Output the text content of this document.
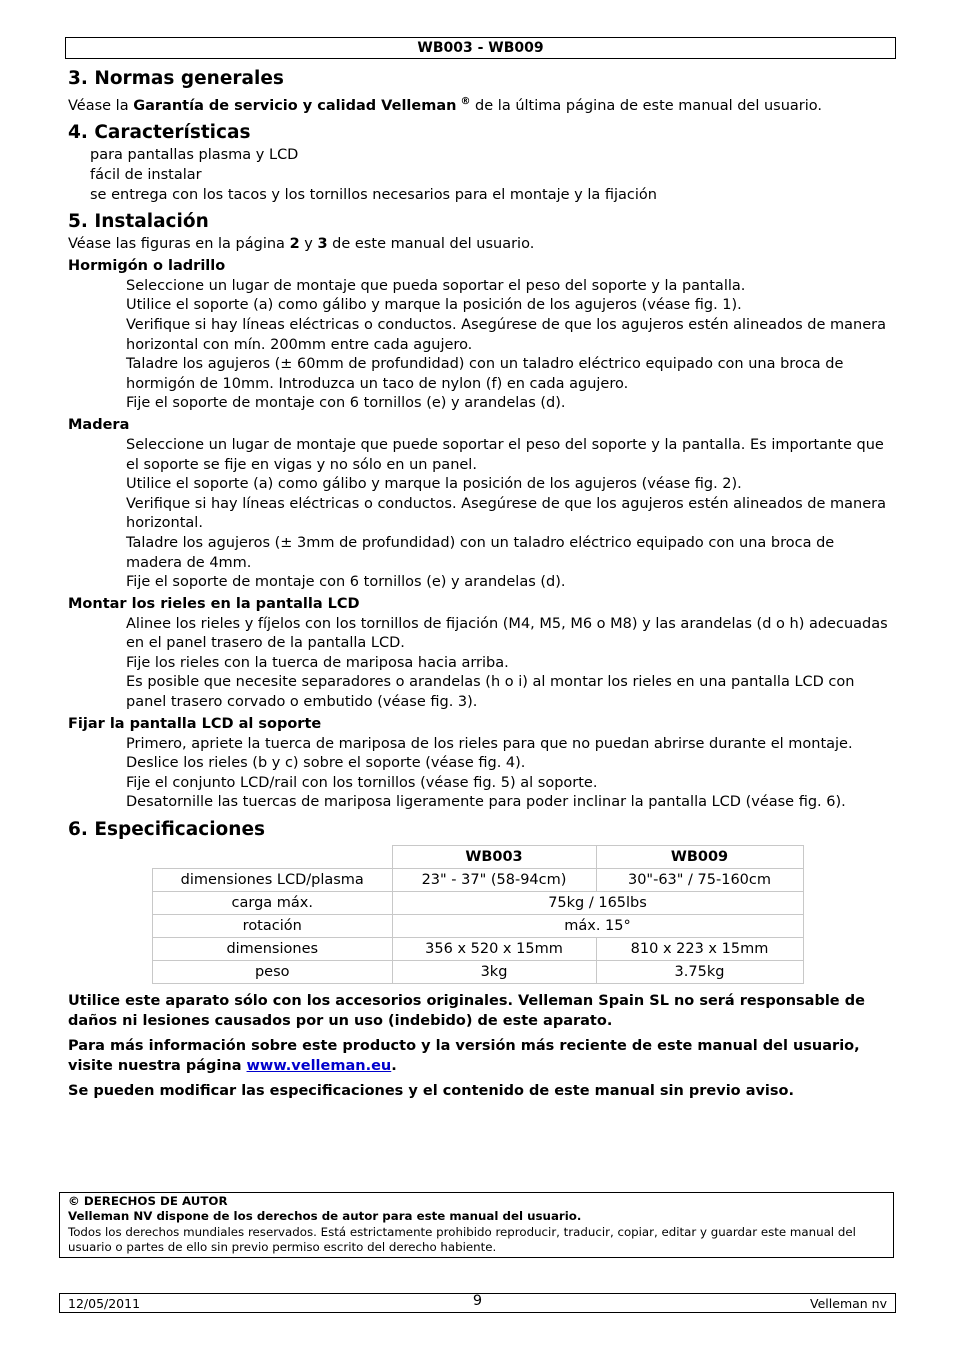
WB003 - WB009
3. Normas generales

Véase la Garantía de servicio y calidad Velleman ® de la última página de este manual del usuario.

4. Características

para pantallas plasma y LCD

fácil de instalar

se entrega con los tacos y los tornillos necesarios para el montaje y la fijación

5. Instalación

Véase las figuras en la página 2 y 3 de este manual del usuario.

Hormigón o ladrillo

Seleccione un lugar de montaje que pueda soportar el peso del soporte y la pantalla.

Utilice el soporte (a) como gálibo y marque la posición de los agujeros (véase fig. 1).

Verifique si hay líneas eléctricas o conductos. Asegúrese de que los agujeros estén alineados de manera horizontal con mín. 200mm entre cada agujero.

Taladre los agujeros (± 60mm de profundidad) con un taladro eléctrico equipado con una broca de hormigón de 10mm. Introduzca un taco de nylon (f) en cada agujero.

Fije el soporte de montaje con 6 tornillos (e) y arandelas (d).

Madera

Seleccione un lugar de montaje que puede soportar el peso del soporte y la pantalla. Es importante que el soporte se fije en vigas y no sólo en un panel.

Utilice el soporte (a) como gálibo y marque la posición de los agujeros (véase fig. 2).

Verifique si hay líneas eléctricas o conductos. Asegúrese de que los agujeros estén alineados de manera horizontal.

Taladre los agujeros (± 3mm de profundidad) con un taladro eléctrico equipado con una broca de madera de 4mm.

Fije el soporte de montaje con 6 tornillos (e) y arandelas (d).

Montar los rieles en la pantalla LCD

Alinee los rieles y fíjelos con los tornillos de fijación (M4, M5, M6 o M8) y las arandelas (d o h) adecuadas en el panel trasero de la pantalla LCD.

Fije los rieles con la tuerca de mariposa hacia arriba.

Es posible que necesite separadores o arandelas (h o i) al montar los rieles en una pantalla LCD con panel trasero corvado o embutido (véase fig. 3).

Fijar la pantalla LCD al soporte

Primero, apriete la tuerca de mariposa de los rieles para que no puedan abrirse durante el montaje.

Deslice los rieles (b y c) sobre el soporte (véase fig. 4).

Fije el conjunto LCD/rail con los tornillos (véase fig. 5) al soporte.

Desatornille las tuercas de mariposa ligeramente para poder inclinar la pantalla LCD (véase fig. 6).

6. Especificaciones
	WB003	WB009
dimensiones LCD/plasma	23" - 37" (58-94cm)	30"-63" / 75-160cm
carga máx.	75kg / 165lbs	
rotación	máx. 15°	
dimensiones	356 x 520 x 15mm	810 x 223 x 15mm
peso	3kg	3.75kg

Utilice este aparato sólo con los accesorios originales. Velleman Spain SL no será responsable de daños ni lesiones causados por un uso (indebido) de este aparato.

Para más información sobre este producto y la versión más reciente de este manual del usuario, visite nuestra página www.velleman.eu.

Se pueden modificar las especificaciones y el contenido de este manual sin previo aviso.

© DERECHOS DE AUTOR
Velleman NV dispone de los derechos de autor para este manual del usuario.
Todos los derechos mundiales reservados. Está estrictamente prohibido reproducir, traducir, copiar, editar y guardar este manual del usuario o partes de ello sin previo permiso escrito del derecho habiente.
12/05/2011	9	Velleman nv
